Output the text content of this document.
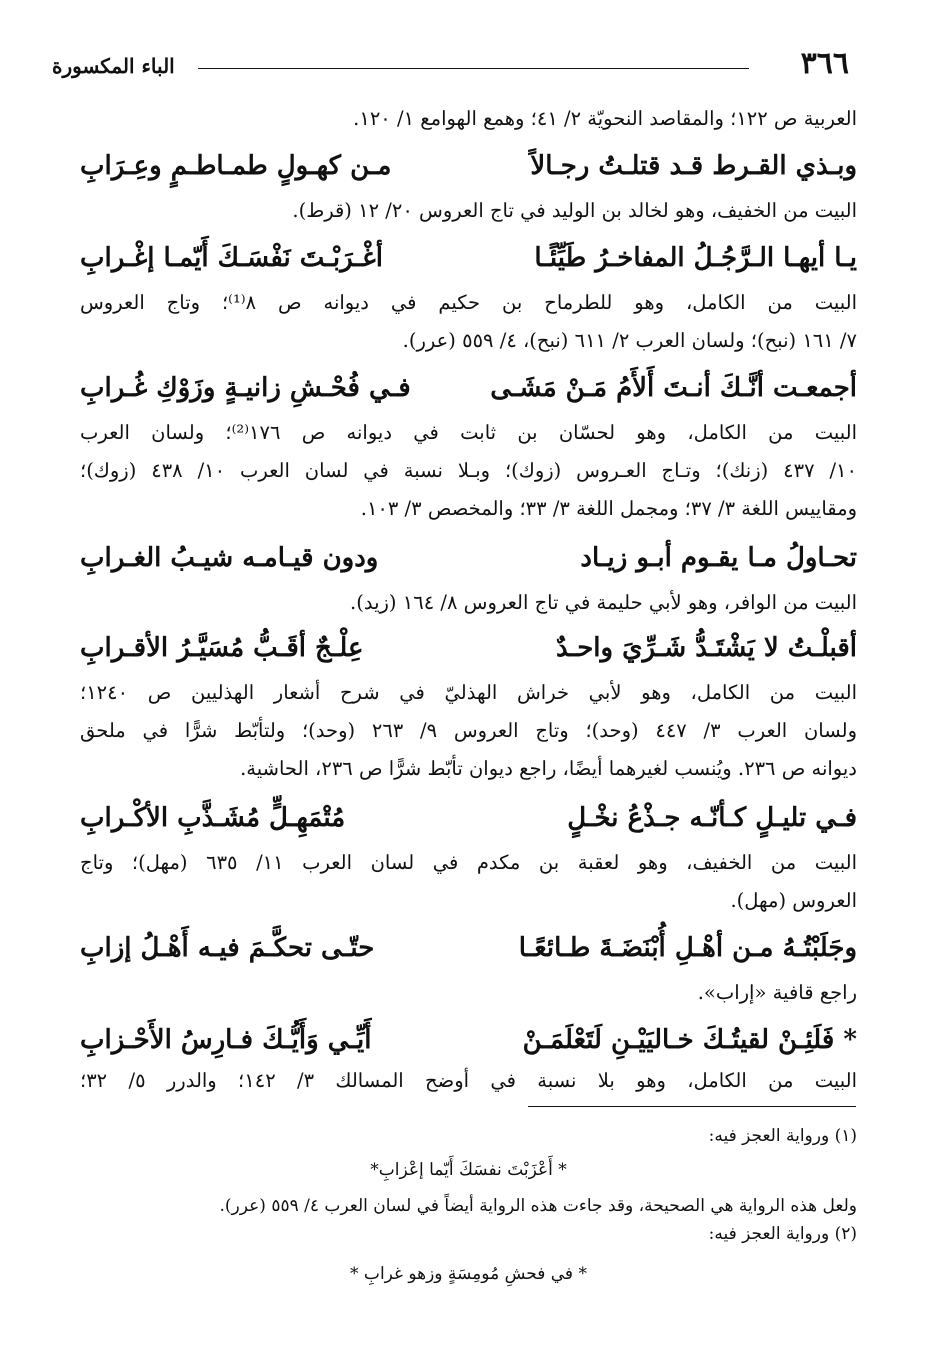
٣٦٦
الباء المكسورة
العربية ص ١٢٢؛ والمقاصد النحويّة ٢/ ٤١؛ وهمع الهوامع ١/ ١٢٠.
وبـذي القـرط قـد قتلـتُ رجـالاً
مـن كهـولٍ طمـاطـمٍ وعِـرَابِ
البيت من الخفيف، وهو لخالد بن الوليد في تاج العروس ٢٠/ ١٢ (قرط).
يـا أيهـا الـرَّجُـلُ المفاخـرُ طَيِّئًـا
أغْـرَبْـتَ نَفْسَـكَ أَيّمـا إغْـرابِ
البيت من الكامل، وهو للطرماح بن حكيم في ديوانه ص ٨⁽¹⁾؛ وتاج العروس
٧/ ١٦١ (نبح)؛ ولسان العرب ٢/ ٦١١ (نبح)، ٤/ ٥٥٩ (عرر).
أجمعـت أنَّـكَ أنـتَ أَلأَمُ مَـنْ مَشَـى
فـي فُحْـشِ زانيـةٍ وزَوْكِ غُـرابِ
البيت من الكامل، وهو لحسّان بن ثابت في ديوانه ص ١٧٦⁽²⁾؛ ولسان العرب
١٠/ ٤٣٧ (زنك)؛ وتـاج العـروس (زوك)؛ وبـلا نسبة في لسان العرب ١٠/ ٤٣٨ (زوك)؛
ومقاييس اللغة ٣/ ٣٧؛ ومجمل اللغة ٣/ ٣٣؛ والمخصص ٣/ ١٠٣.
تحـاولُ مـا يقـوم أبـو زيـاد
ودون قيـامـه شيـبُ الغـرابِ
البيت من الوافر، وهو لأبي حليمة في تاج العروس ٨/ ١٦٤ (زيد).
أقبلْـتُ لا يَشْتَـدُّ شَـرِّيَ واحـدٌ
عِلْـجٌ أقَـبُّ مُسَيَّـرُ الأقـرابِ
البيت من الكامل، وهو لأبي خراش الهذليّ في شرح أشعار الهذليين ص ١٢٤٠؛
ولسان العرب ٣/ ٤٤٧ (وحد)؛ وتاج العروس ٩/ ٢٦٣ (وحد)؛ ولتأبّط شرًّا في ملحق
ديوانه ص ٢٣٦. ويُنسب لغيرهما أيضًا، راجع ديوان تأبّط شرًّا ص ٢٣٦، الحاشية.
فـي تليـلٍ كـأنّـه جـذْعُ نخْـلٍ
مُتْمَهِـلٍّ مُشَـذَّبِ الأكْـرابِ
البيت من الخفيف، وهو لعقبة بن مكدم في لسان العرب ١١/ ٦٣٥ (مهل)؛ وتاج
العروس (مهل).
وجَلَبْتُـهُ مـن أهْـلِ أُبْنَضَـةَ طـائعًـا
حتّـى تحكَّـمَ فيـه أَهْـلُ إزابِ
راجع قافية «إراب».
* فَلَئِـنْ لقيتُـكَ خـاليَيْـنِ لَتَعْلَمَـنْ
أَيِّـي وَأَيُّـكَ فـارِسُ الأَحْـزابِ
البيت من الكامل، وهو بلا نسبة في أوضح المسالك ٣/ ١٤٢؛ والدرر ٥/ ٣٢؛
(١) ورواية العجز فيه:
* أَعْزَبْتَ نفسَكَ أَيّما إعْزابِ*
ولعل هذه الرواية هي الصحيحة، وقد جاءت هذه الرواية أيضاً في لسان العرب ٤/ ٥٥٩ (عرر).
(٢) ورواية العجز فيه:
* في فحشِ مُومِسَةٍ وزهو غرابِ *
